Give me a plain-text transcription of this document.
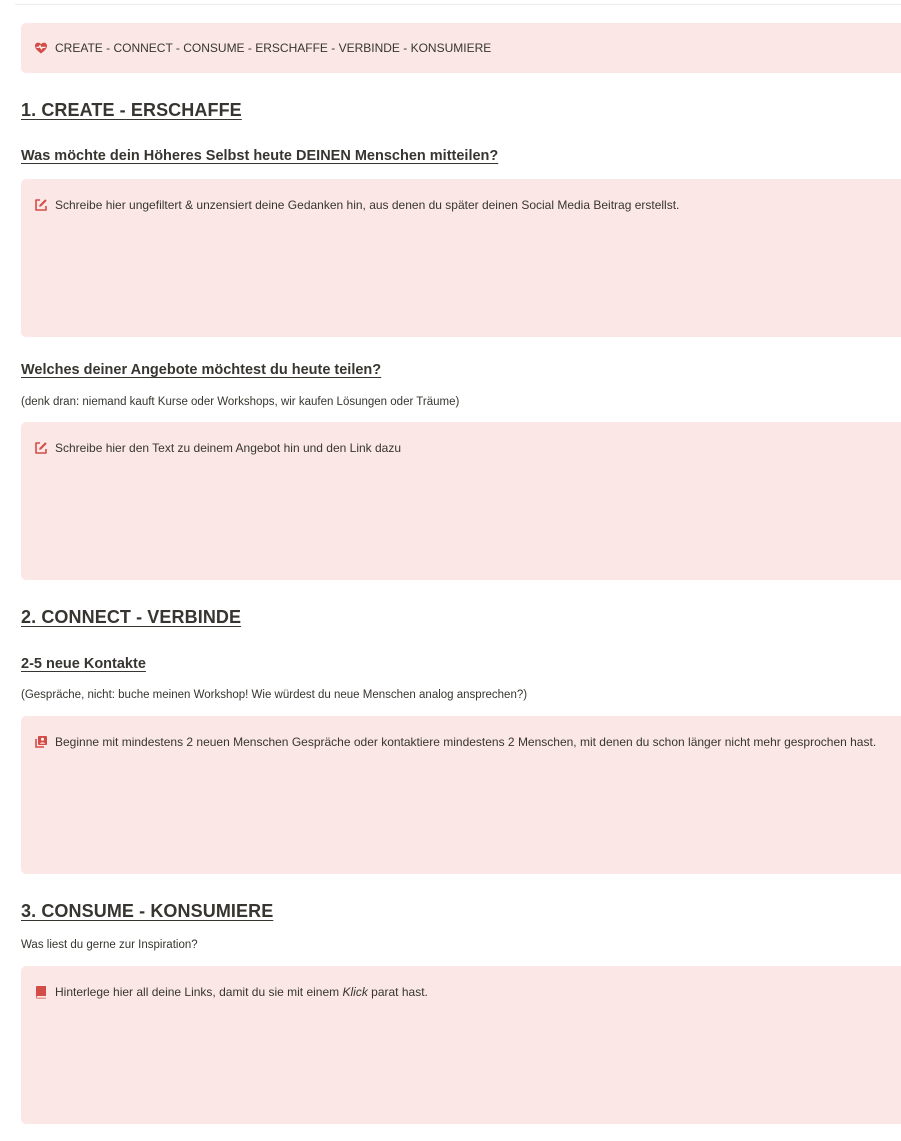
CREATE - CONNECT - CONSUME - ERSCHAFFE - VERBINDE - KONSUMIERE
1. CREATE - ERSCHAFFE
Was möchte dein Höheres Selbst heute DEINEN Menschen mitteilen?
Schreibe hier ungefiltert & unzensiert deine Gedanken hin, aus denen du später deinen Social Media Beitrag erstellst.
Welches deiner Angebote möchtest du heute teilen?
(denk dran: niemand kauft Kurse oder Workshops, wir kaufen Lösungen oder Träume)
Schreibe hier den Text zu deinem Angebot hin und den Link dazu
2. CONNECT - VERBINDE
2-5 neue Kontakte
(Gespräche, nicht: buche meinen Workshop! Wie würdest du neue Menschen analog ansprechen?)
Beginne mit mindestens 2 neuen Menschen Gespräche oder kontaktiere mindestens 2 Menschen, mit denen du schon länger nicht mehr gesprochen hast.
3. CONSUME - KONSUMIERE
Was liest du gerne zur Inspiration?
Hinterlege hier all deine Links, damit du sie mit einem Klick parat hast.
